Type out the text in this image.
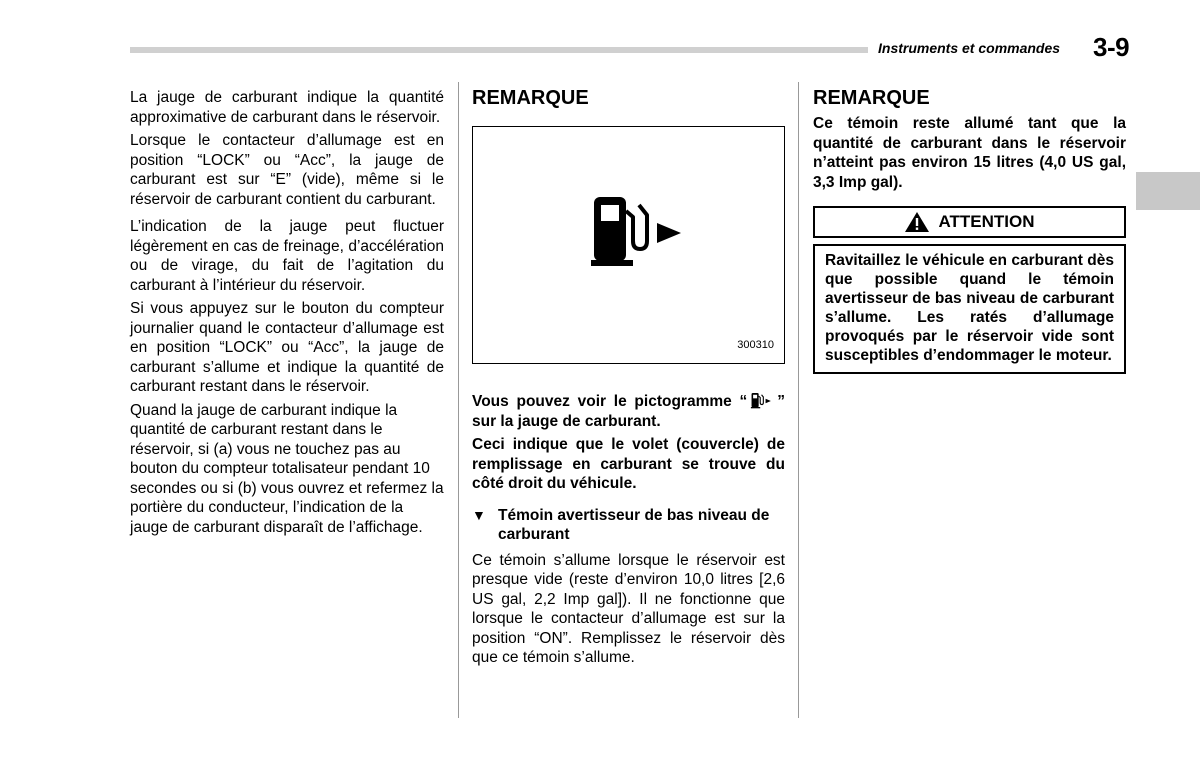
Instruments et commandes 3-9

La jauge de carburant indique la quantité approximative de carburant dans le réservoir.

Lorsque le contacteur d’allumage est en position “LOCK” ou “Acc”, la jauge de carburant est sur “E” (vide), même si le réservoir de carburant contient du carburant.

L’indication de la jauge peut fluctuer légèrement en cas de freinage, d’accélération ou de virage, du fait de l’agitation du carburant à l’intérieur du réservoir.

Si vous appuyez sur le bouton du compteur journalier quand le contacteur d’allumage est en position “LOCK” ou “Acc”, la jauge de carburant s’allume et indique la quantité de carburant restant dans le réservoir.

Quand la jauge de carburant indique la quantité de carburant restant dans le réservoir, si (a) vous ne touchez pas au bouton du compteur totalisateur pendant 10 secondes ou si (b) vous ouvrez et refermez la portière du conducteur, l’indication de la jauge de carburant disparaît de l’affichage.

REMARQUE
300310

Vous pouvez voir le pictogramme “ ” sur la jauge de carburant.

Ceci indique que le volet (couvercle) de remplissage en carburant se trouve du côté droit du véhicule.

▼ Témoin avertisseur de bas niveau de carburant

Ce témoin s’allume lorsque le réservoir est presque vide (reste d’environ 10,0 litres [2,6 US gal, 2,2 Imp gal]). Il ne fonctionne que lorsque le contacteur d’allumage est sur la position “ON”. Remplissez le réservoir dès que ce témoin s’allume.

REMARQUE

Ce témoin reste allumé tant que la quantité de carburant dans le réservoir n’atteint pas environ 15 litres (4,0 US gal, 3,3 Imp gal).

ATTENTION

Ravitaillez le véhicule en carburant dès que possible quand le témoin avertisseur de bas niveau de carburant s’allume. Les ratés d’allumage provoqués par le réservoir vide sont susceptibles d’endommager le moteur.
